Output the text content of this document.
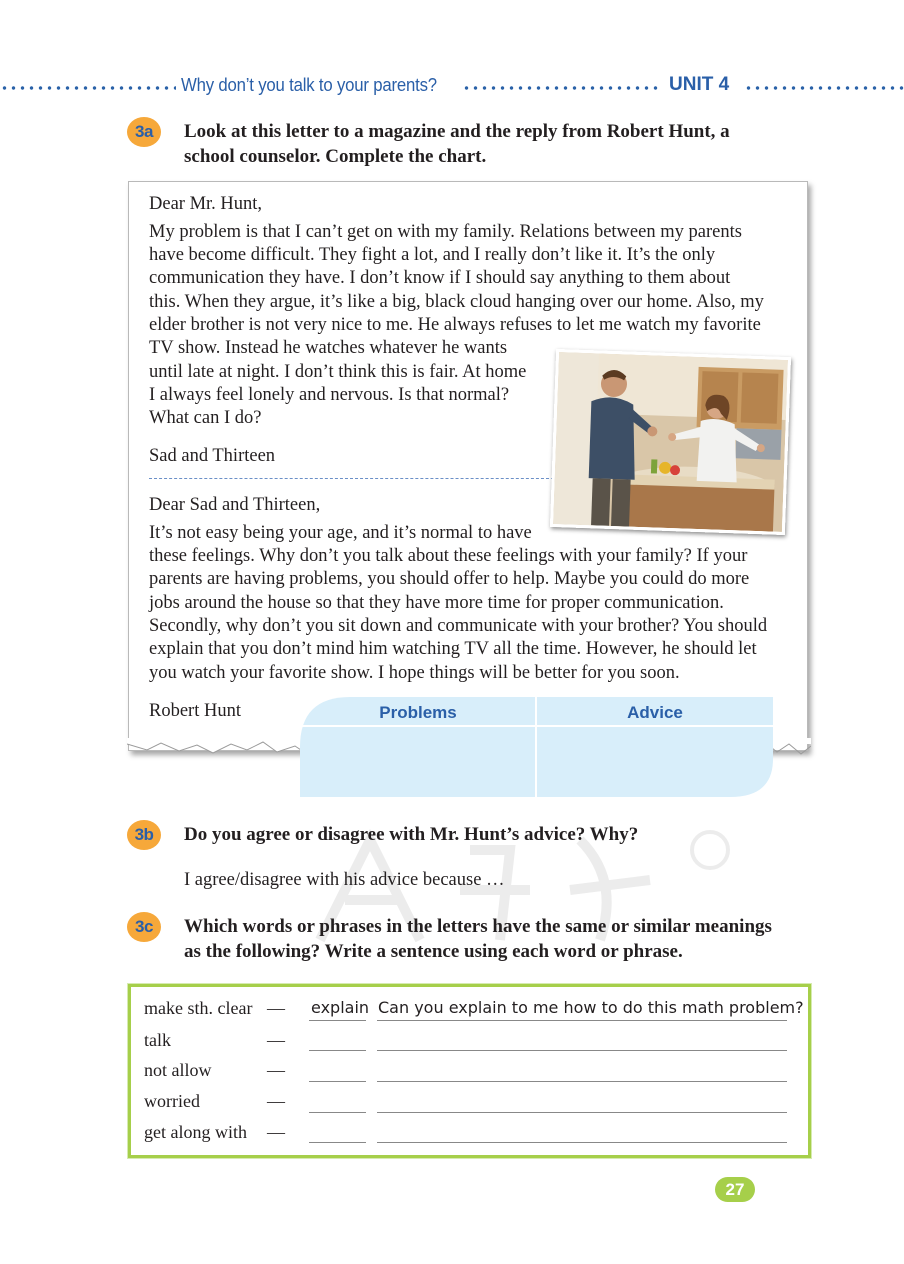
Why don’t you talk to your parents?	UNIT 4
3a	Look at this letter to a magazine and the reply from Robert Hunt, a
school counselor. Complete the chart.
Dear Mr. Hunt,
My problem is that I can’t get on with my family. Relations between my parents
have become difficult. They fight a lot, and I really don’t like it. It’s the only
communication they have. I don’t know if I should say anything to them about
this. When they argue, it’s like a big, black cloud hanging over our home. Also, my
elder brother is not very nice to me. He always refuses to let me watch my favorite
TV show. Instead he watches whatever he wants
until late at night. I don’t think this is fair. At home
I always feel lonely and nervous. Is that normal?
What can I do?
Sad and Thirteen
Dear Sad and Thirteen,
It’s not easy being your age, and it’s normal to have
these feelings. Why don’t you talk about these feelings with your family? If your
parents are having problems, you should offer to help. Maybe you could do more
jobs around the house so that they have more time for proper communication.
Secondly, why don’t you sit down and communicate with your brother? You should
explain that you don’t mind him watching TV all the time. However, he should let
you watch your favorite show. I hope things will be better for you soon.
Robert Hunt	Problems	Advice
3b	Do you agree or disagree with Mr. Hunt’s advice? Why?
I agree/disagree with his advice because …
3c	Which words or phrases in the letters have the same or similar meanings
as the following? Write a sentence using each word or phrase.
make sth. clear — explain Can you explain to me how to do this math problem?
talk	—
not allow	—
worried	—
get along with —
27
